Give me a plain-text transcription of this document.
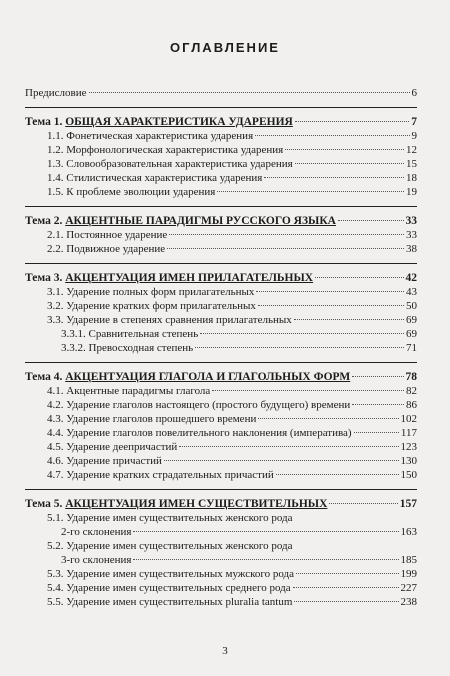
ОГЛАВЛЕНИЕ
Предисловие	6
Тема 1. ОБЩАЯ ХАРАКТЕРИСТИКА УДАРЕНИЯ	7
1.1. Фонетическая характеристика ударения	9
1.2. Морфонологическая характеристика ударения	12
1.3. Словообразовательная характеристика ударения	15
1.4. Стилистическая характеристика ударения	18
1.5. К проблеме эволюции ударения	19
Тема 2. АКЦЕНТНЫЕ ПАРАДИГМЫ РУССКОГО ЯЗЫКА	33
2.1. Постоянное ударение	33
2.2. Подвижное ударение	38
Тема 3. АКЦЕНТУАЦИЯ ИМЕН ПРИЛАГАТЕЛЬНЫХ	42
3.1. Ударение полных форм прилагательных	43
3.2. Ударение кратких форм прилагательных	50
3.3. Ударение в степенях сравнения прилагательных	69
3.3.1. Сравнительная степень	69
3.3.2. Превосходная степень	71
Тема 4. АКЦЕНТУАЦИЯ ГЛАГОЛА И ГЛАГОЛЬНЫХ ФОРМ	78
4.1. Акцентные парадигмы глагола	82
4.2. Ударение глаголов настоящего (простого будущего) времени	86
4.3. Ударение глаголов прошедшего времени	102
4.4. Ударение глаголов повелительного наклонения (императива)	117
4.5. Ударение деепричастий	123
4.6. Ударение причастий	130
4.7. Ударение кратких страдательных причастий	150
Тема 5. АКЦЕНТУАЦИЯ ИМЕН СУЩЕСТВИТЕЛЬНЫХ	157
5.1. Ударение имен существительных женского рода
2-го склонения	163
5.2. Ударение имен существительных женского рода
3-го склонения	185
5.3. Ударение имен существительных мужского рода	199
5.4. Ударение имен существительных среднего рода	227
5.5. Ударение имен существительных pluralia tantum	238
3
